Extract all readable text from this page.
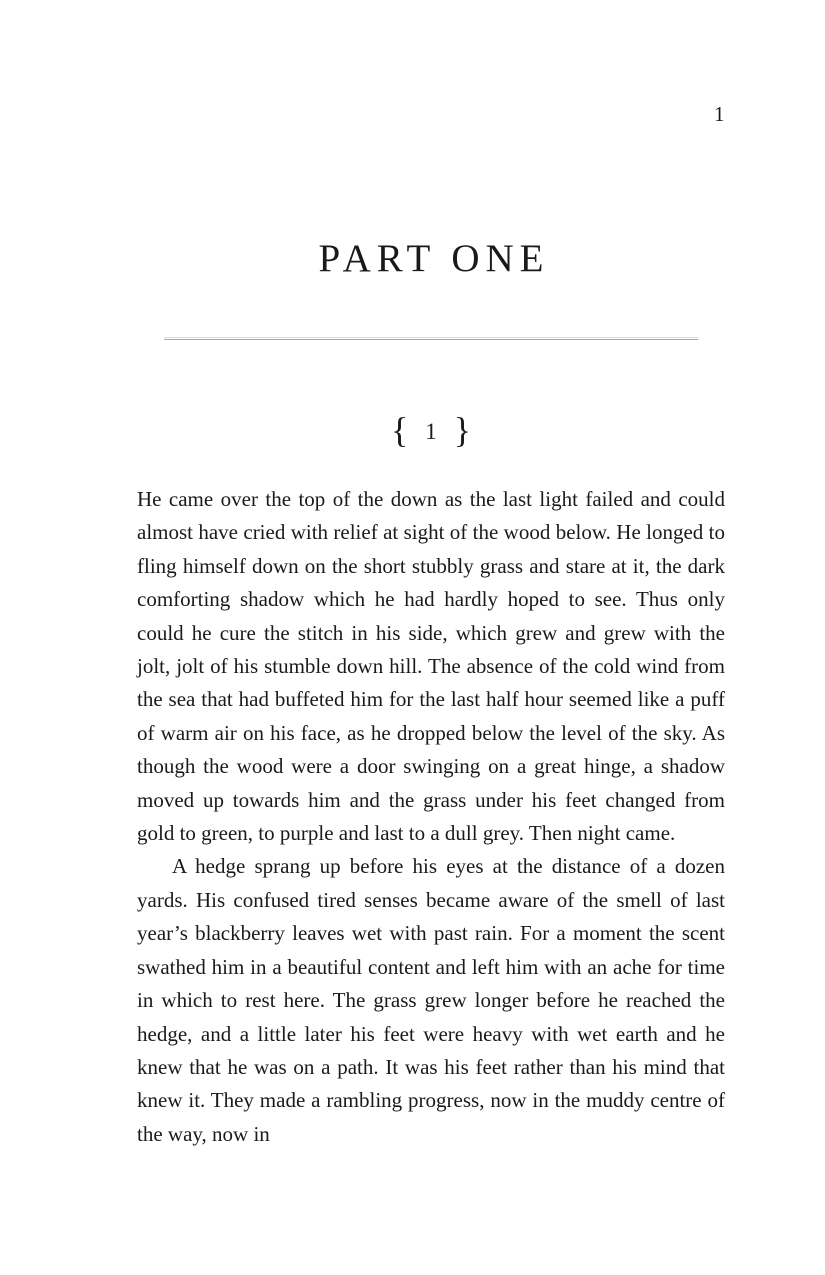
1
PART ONE
{ 1 }

He came over the top of the down as the last light failed and could almost have cried with relief at sight of the wood below. He longed to fling himself down on the short stubbly grass and stare at it, the dark comforting shadow which he had hardly hoped to see. Thus only could he cure the stitch in his side, which grew and grew with the jolt, jolt of his stumble down hill. The absence of the cold wind from the sea that had buffeted him for the last half hour seemed like a puff of warm air on his face, as he dropped below the level of the sky. As though the wood were a door swinging on a great hinge, a shadow moved up towards him and the grass under his feet changed from gold to green, to purple and last to a dull grey. Then night came.

A hedge sprang up before his eyes at the distance of a dozen yards. His confused tired senses became aware of the smell of last year’s blackberry leaves wet with past rain. For a moment the scent swathed him in a beautiful content and left him with an ache for time in which to rest here. The grass grew longer before he reached the hedge, and a little later his feet were heavy with wet earth and he knew that he was on a path. It was his feet rather than his mind that knew it. They made a rambling progress, now in the muddy centre of the way, now in
